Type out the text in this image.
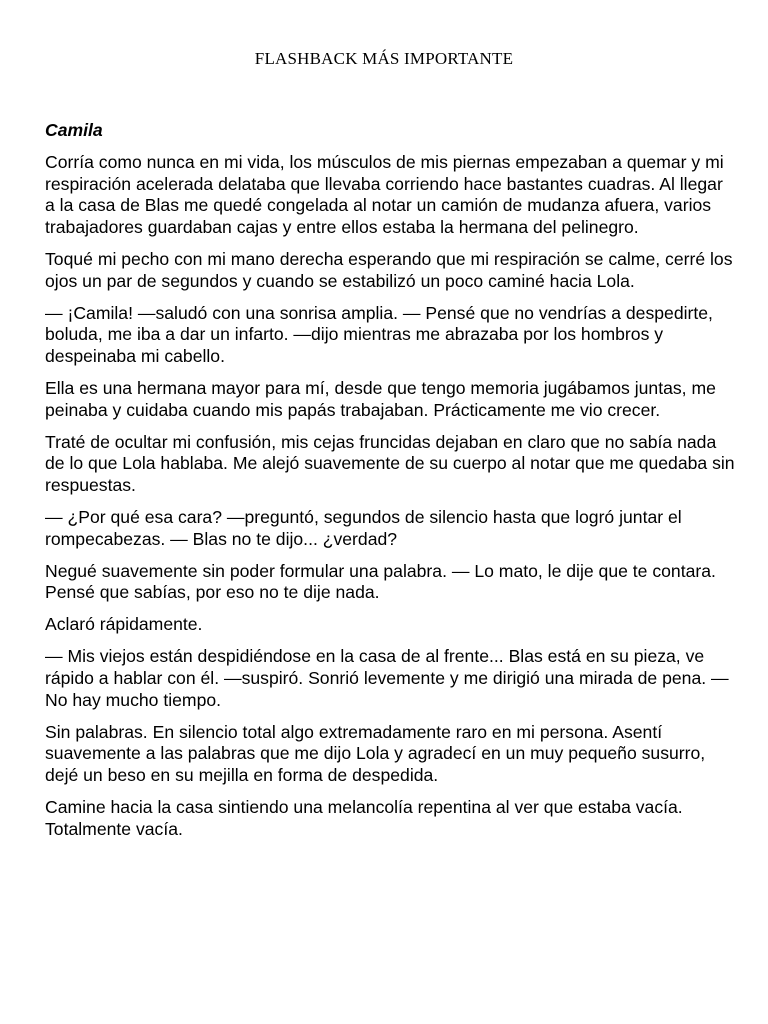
FLASHBACK MÁS IMPORTANTE

Camila

Corría como nunca en mi vida, los músculos de mis piernas empezaban a quemar y mi respiración acelerada delataba que llevaba corriendo hace bastantes cuadras. Al llegar a la casa de Blas me quedé congelada al notar un camión de mudanza afuera, varios trabajadores guardaban cajas y entre ellos estaba la hermana del pelinegro.

Toqué mi pecho con mi mano derecha esperando que mi respiración se calme, cerré los ojos un par de segundos y cuando se estabilizó un poco caminé hacia Lola.

— ¡Camila! —saludó con una sonrisa amplia. — Pensé que no vendrías a despedirte, boluda, me iba a dar un infarto. —dijo mientras me abrazaba por los hombros y despeinaba mi cabello.

Ella es una hermana mayor para mí, desde que tengo memoria jugábamos juntas, me peinaba y cuidaba cuando mis papás trabajaban. Prácticamente me vio crecer.

Traté de ocultar mi confusión, mis cejas fruncidas dejaban en claro que no sabía nada de lo que Lola hablaba. Me alejó suavemente de su cuerpo al notar que me quedaba sin respuestas.

— ¿Por qué esa cara? —preguntó, segundos de silencio hasta que logró juntar el rompecabezas. — Blas no te dijo... ¿verdad?

Negué suavemente sin poder formular una palabra. — Lo mato, le dije que te contara. Pensé que sabías, por eso no te dije nada.

Aclaró rápidamente.

— Mis viejos están despidiéndose en la casa de al frente... Blas está en su pieza, ve rápido a hablar con él. —suspiró. Sonrió levemente y me dirigió una mirada de pena. — No hay mucho tiempo.

Sin palabras. En silencio total algo extremadamente raro en mi persona. Asentí suavemente a las palabras que me dijo Lola y agradecí en un muy pequeño susurro, dejé un beso en su mejilla en forma de despedida.

Camine hacia la casa sintiendo una melancolía repentina al ver que estaba vacía. Totalmente vacía.
